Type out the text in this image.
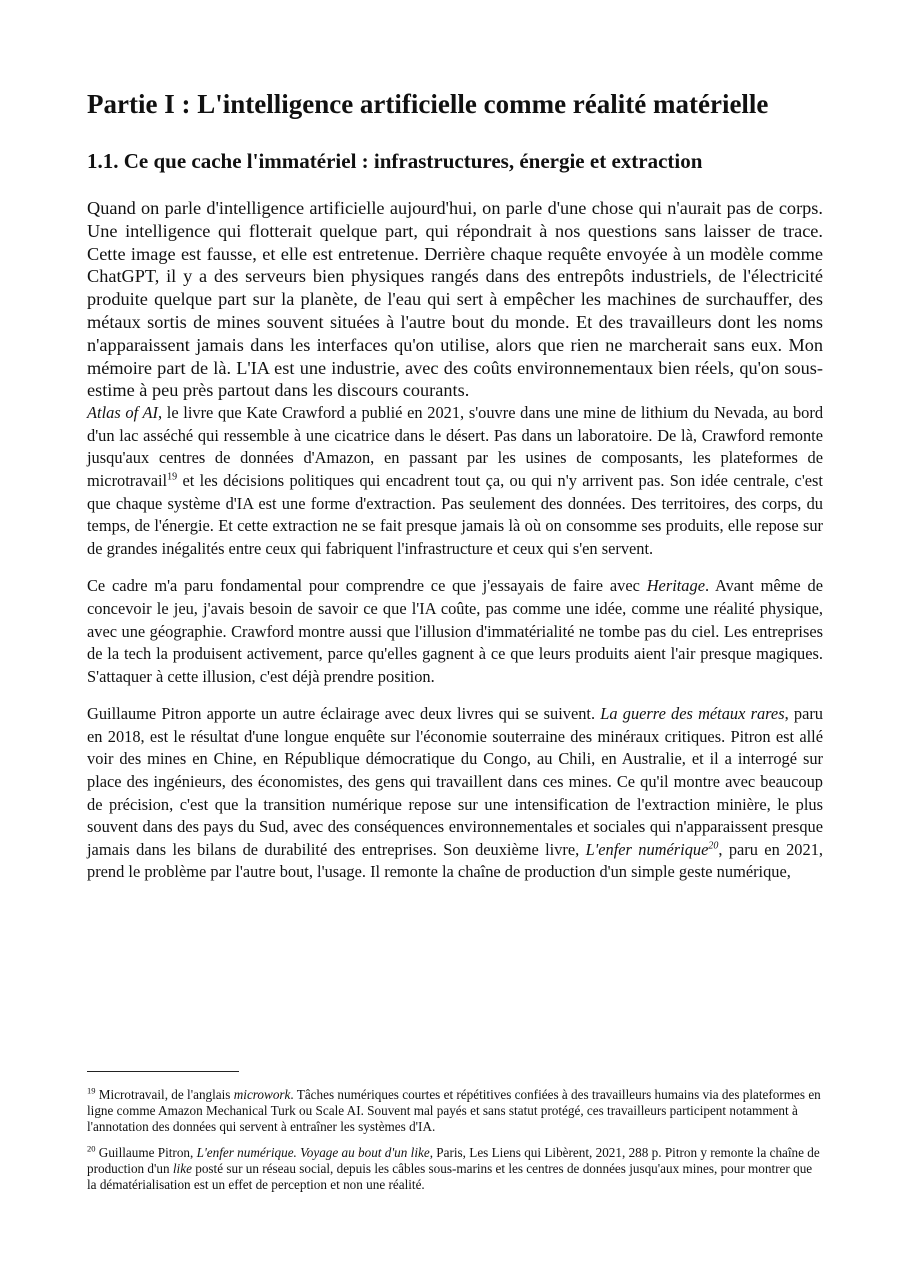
Partie I : L'intelligence artificielle comme réalité matérielle
1.1. Ce que cache l'immatériel : infrastructures, énergie et extraction

Quand on parle d'intelligence artificielle aujourd'hui, on parle d'une chose qui n'aurait pas de corps. Une intelligence qui flotterait quelque part, qui répondrait à nos questions sans laisser de trace. Cette image est fausse, et elle est entretenue. Derrière chaque requête envoyée à un modèle comme ChatGPT, il y a des serveurs bien physiques rangés dans des entrepôts industriels, de l'électricité produite quelque part sur la planète, de l'eau qui sert à empêcher les machines de surchauffer, des métaux sortis de mines souvent situées à l'autre bout du monde. Et des travailleurs dont les noms n'apparaissent jamais dans les interfaces qu'on utilise, alors que rien ne marcherait sans eux. Mon mémoire part de là. L'IA est une industrie, avec des coûts environnementaux bien réels, qu'on sous-estime à peu près partout dans les discours courants.

Atlas of AI, le livre que Kate Crawford a publié en 2021, s'ouvre dans une mine de lithium du Nevada, au bord d'un lac asséché qui ressemble à une cicatrice dans le désert. Pas dans un laboratoire. De là, Crawford remonte jusqu'aux centres de données d'Amazon, en passant par les usines de composants, les plateformes de microtravail$^{19}$ et les décisions politiques qui encadrent tout ça, ou qui n'y arrivent pas. Son idée centrale, c'est que chaque système d'IA est une forme d'extraction. Pas seulement des données. Des territoires, des corps, du temps, de l'énergie. Et cette extraction ne se fait presque jamais là où on consomme ses produits, elle repose sur de grandes inégalités entre ceux qui fabriquent l'infrastructure et ceux qui s'en servent.

Ce cadre m'a paru fondamental pour comprendre ce que j'essayais de faire avec Heritage. Avant même de concevoir le jeu, j'avais besoin de savoir ce que l'IA coûte, pas comme une idée, comme une réalité physique, avec une géographie. Crawford montre aussi que l'illusion d'immatérialité ne tombe pas du ciel. Les entreprises de la tech la produisent activement, parce qu'elles gagnent à ce que leurs produits aient l'air presque magiques. S'attaquer à cette illusion, c'est déjà prendre position.

Guillaume Pitron apporte un autre éclairage avec deux livres qui se suivent. La guerre des métaux rares, paru en 2018, est le résultat d'une longue enquête sur l'économie souterraine des minéraux critiques. Pitron est allé voir des mines en Chine, en République démocratique du Congo, au Chili, en Australie, et il a interrogé sur place des ingénieurs, des économistes, des gens qui travaillent dans ces mines. Ce qu'il montre avec beaucoup de précision, c'est que la transition numérique repose sur une intensification de l'extraction minière, le plus souvent dans des pays du Sud, avec des conséquences environnementales et sociales qui n'apparaissent presque jamais dans les bilans de durabilité des entreprises. Son deuxième livre, L'enfer numérique$^{20}$, paru en 2021, prend le problème par l'autre bout, l'usage. Il remonte la chaîne de production d'un simple geste numérique,

$^{19}$ Microtravail, de l'anglais microwork. Tâches numériques courtes et répétitives confiées à des travailleurs humains via des plateformes en ligne comme Amazon Mechanical Turk ou Scale AI. Souvent mal payés et sans statut protégé, ces travailleurs participent notamment à l'annotation des données qui servent à entraîner les systèmes d'IA.

$^{20}$ Guillaume Pitron, L'enfer numérique. Voyage au bout d'un like, Paris, Les Liens qui Libèrent, 2021, 288 p. Pitron y remonte la chaîne de production d'un like posté sur un réseau social, depuis les câbles sous-marins et les centres de données jusqu'aux mines, pour montrer que la dématérialisation est un effet de perception et non une réalité.
